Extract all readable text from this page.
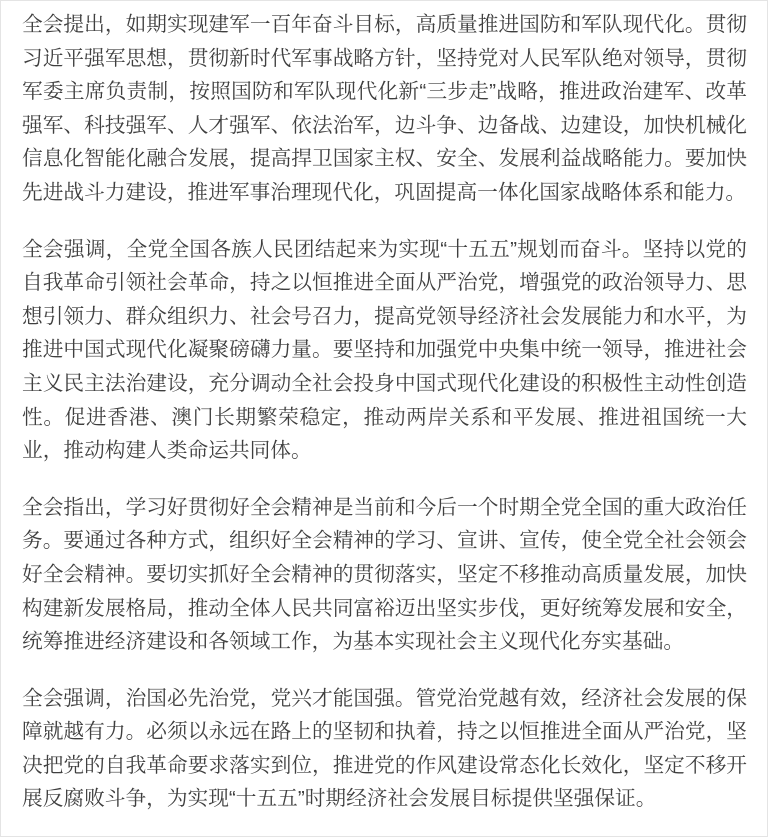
全会提出，如期实现建军一百年奋斗目标，高质量推进国防和军队现代化。贯彻习近平强军思想，贯彻新时代军事战略方针，坚持党对人民军队绝对领导，贯彻军委主席负责制，按照国防和军队现代化新“三步走”战略，推进政治建军、改革强军、科技强军、人才强军、依法治军，边斗争、边备战、边建设，加快机械化信息化智能化融合发展，提高捍卫国家主权、安全、发展利益战略能力。要加快先进战斗力建设，推进军事治理现代化，巩固提高一体化国家战略体系和能力。

全会强调，全党全国各族人民团结起来为实现“十五五”规划而奋斗。坚持以党的自我革命引领社会革命，持之以恒推进全面从严治党，增强党的政治领导力、思想引领力、群众组织力、社会号召力，提高党领导经济社会发展能力和水平，为推进中国式现代化凝聚磅礴力量。要坚持和加强党中央集中统一领导，推进社会主义民主法治建设，充分调动全社会投身中国式现代化建设的积极性主动性创造性。促进香港、澳门长期繁荣稳定，推动两岸关系和平发展、推进祖国统一大业，推动构建人类命运共同体。

全会指出，学习好贯彻好全会精神是当前和今后一个时期全党全国的重大政治任务。要通过各种方式，组织好全会精神的学习、宣讲、宣传，使全党全社会领会好全会精神。要切实抓好全会精神的贯彻落实，坚定不移推动高质量发展，加快构建新发展格局，推动全体人民共同富裕迈出坚实步伐，更好统筹发展和安全，统筹推进经济建设和各领域工作，为基本实现社会主义现代化夯实基础。

全会强调，治国必先治党，党兴才能国强。管党治党越有效，经济社会发展的保障就越有力。必须以永远在路上的坚韧和执着，持之以恒推进全面从严治党，坚决把党的自我革命要求落实到位，推进党的作风建设常态化长效化，坚定不移开展反腐败斗争，为实现“十五五”时期经济社会发展目标提供坚强保证。
